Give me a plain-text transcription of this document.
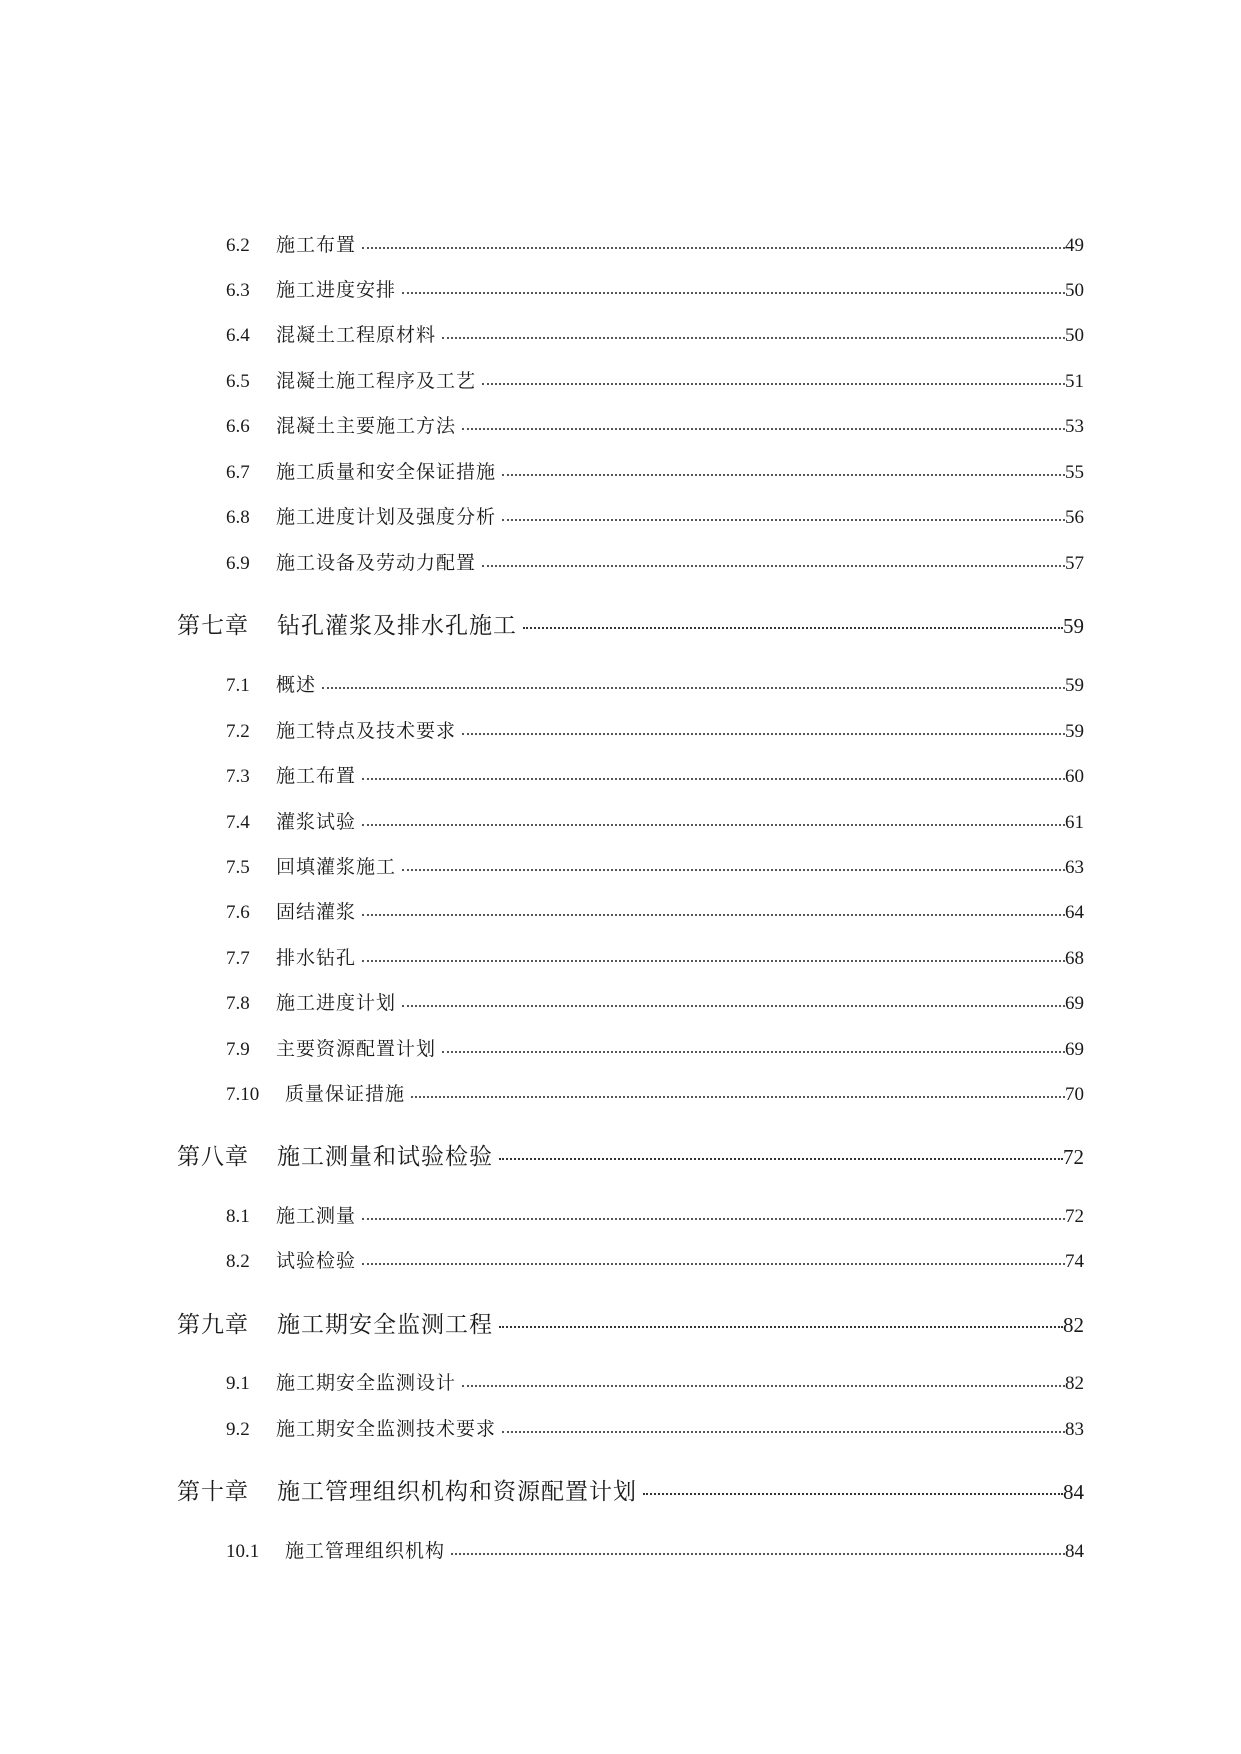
6.2	施工布置	49
6.3	施工进度安排	50
6.4	混凝土工程原材料	50
6.5	混凝土施工程序及工艺	51
6.6	混凝土主要施工方法	53
6.7	施工质量和安全保证措施	55
6.8	施工进度计划及强度分析	56
6.9	施工设备及劳动力配置	57
第七章	钻孔灌浆及排水孔施工	59
7.1	概述	59
7.2	施工特点及技术要求	59
7.3	施工布置	60
7.4	灌浆试验	61
7.5	回填灌浆施工	63
7.6	固结灌浆	64
7.7	排水钻孔	68
7.8	施工进度计划	69
7.9	主要资源配置计划	69
7.10	质量保证措施	70
第八章	施工测量和试验检验	72
8.1	施工测量	72
8.2	试验检验	74
第九章	施工期安全监测工程	82
9.1	施工期安全监测设计	82
9.2	施工期安全监测技术要求	83
第十章	施工管理组织机构和资源配置计划	84
10.1	施工管理组织机构	84
